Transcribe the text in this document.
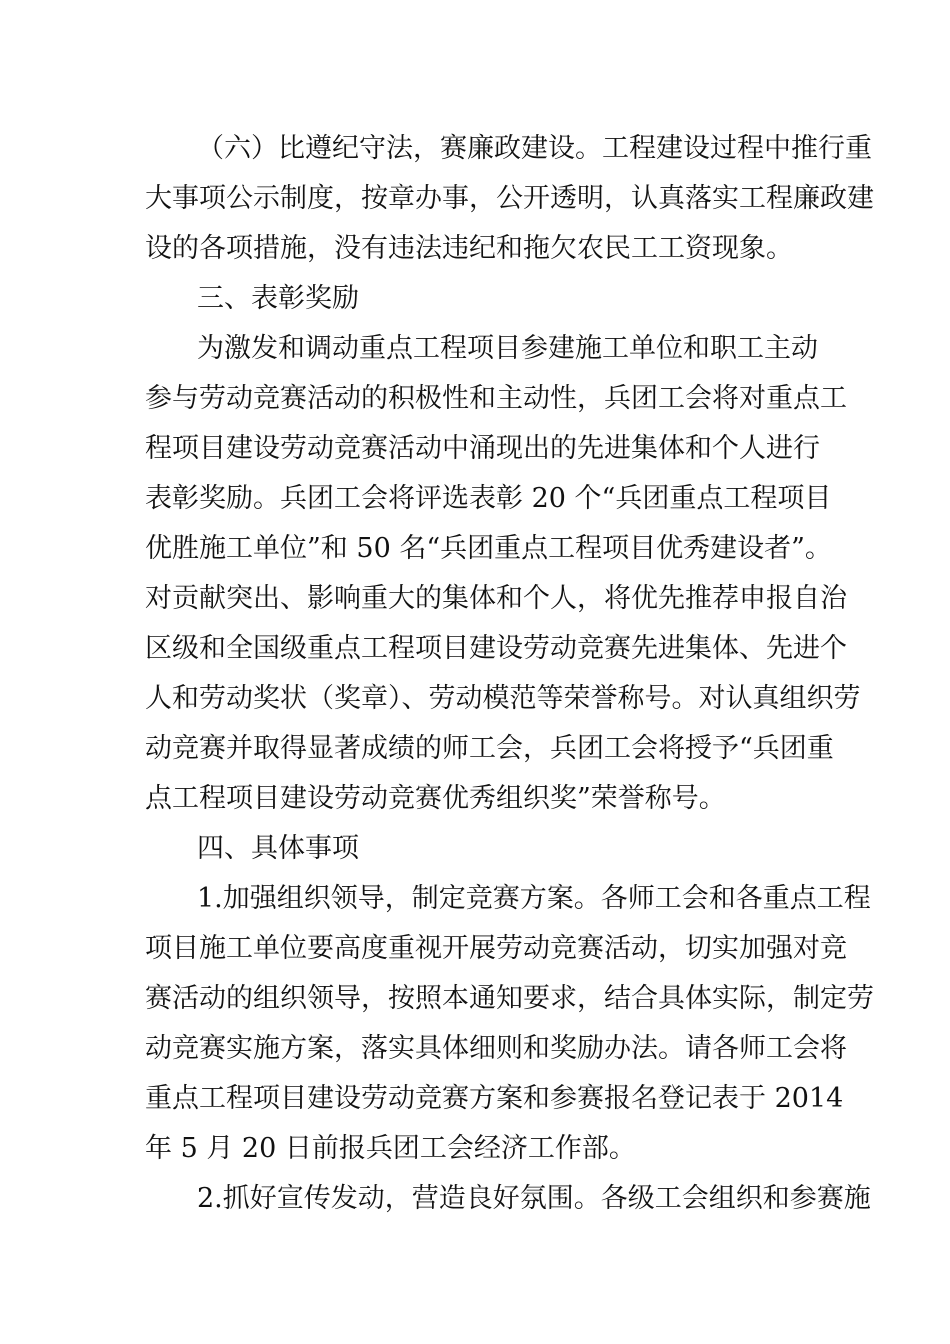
（六）比遵纪守法，赛廉政建设。工程建设过程中推行重
大事项公示制度，按章办事，公开透明，认真落实工程廉政建
设的各项措施，没有违法违纪和拖欠农民工工资现象。
三、表彰奖励
为激发和调动重点工程项目参建施工单位和职工主动
参与劳动竞赛活动的积极性和主动性，兵团工会将对重点工
程项目建设劳动竞赛活动中涌现出的先进集体和个人进行
表彰奖励。兵团工会将评选表彰 20 个“兵团重点工程项目
优胜施工单位”和 50 名“兵团重点工程项目优秀建设者”。
对贡献突出、影响重大的集体和个人，将优先推荐申报自治
区级和全国级重点工程项目建设劳动竞赛先进集体、先进个
人和劳动奖状（奖章）、劳动模范等荣誉称号。对认真组织劳
动竞赛并取得显著成绩的师工会，兵团工会将授予“兵团重
点工程项目建设劳动竞赛优秀组织奖”荣誉称号。
四、具体事项
1.加强组织领导，制定竞赛方案。各师工会和各重点工程
项目施工单位要高度重视开展劳动竞赛活动，切实加强对竞
赛活动的组织领导，按照本通知要求，结合具体实际，制定劳
动竞赛实施方案，落实具体细则和奖励办法。请各师工会将
重点工程项目建设劳动竞赛方案和参赛报名登记表于 2014
年 5 月 20 日前报兵团工会经济工作部。
2.抓好宣传发动，营造良好氛围。各级工会组织和参赛施
